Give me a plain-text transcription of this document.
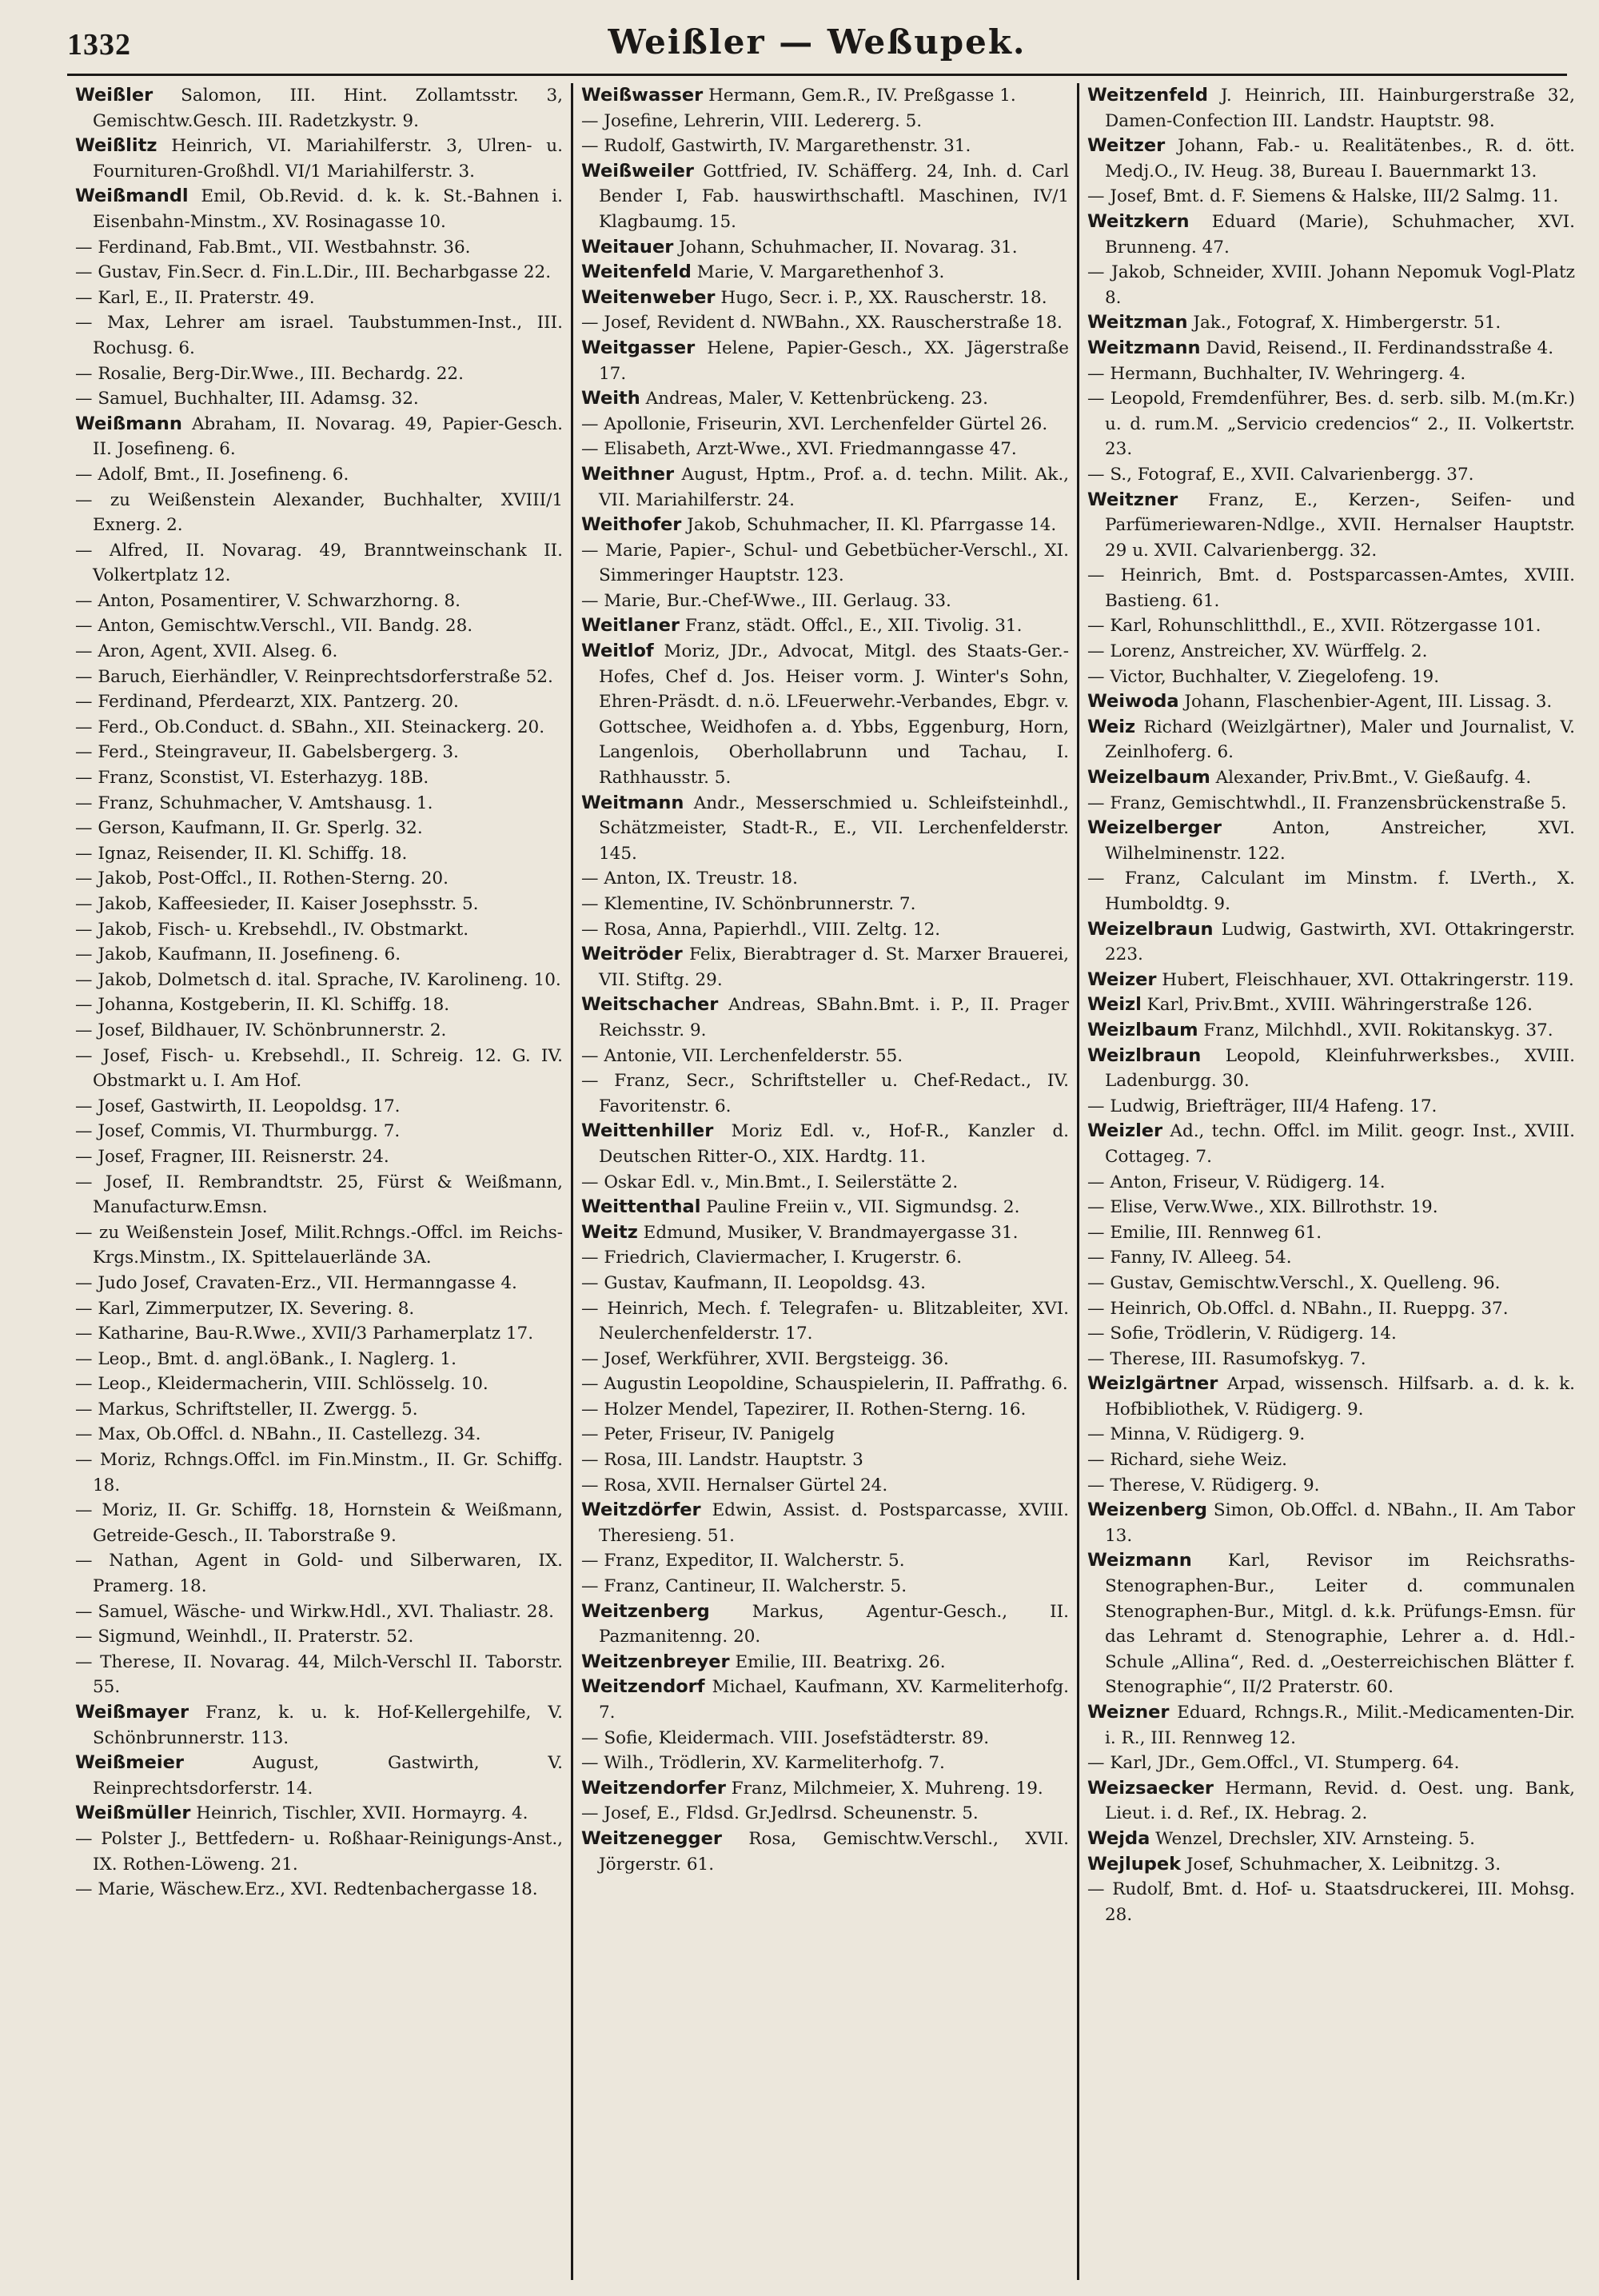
1332	Weißler — Weßupek.

Weißler Salomon, III. Hint. Zollamtsstr. 3, Gemischtw.Gesch. III. Radetzkystr. 9.

Weißlitz Heinrich, VI. Mariahilferstr. 3, Ulren- u. Fournituren-Großhdl. VI/1 Mariahilferstr. 3.

Weißmandl Emil, Ob.Revid. d. k. k. St.-Bahnen i. Eisenbahn-Minstm., XV. Rosinagasse 10.

— Ferdinand, Fab.Bmt., VII. Westbahnstr. 36.

— Gustav, Fin.Secr. d. Fin.L.Dir., III. Becharbgasse 22.

— Karl, E., II. Praterstr. 49.

— Max, Lehrer am israel. Taubstummen-Inst., III. Rochusg. 6.

— Rosalie, Berg-Dir.Wwe., III. Bechardg. 22.

— Samuel, Buchhalter, III. Adamsg. 32.

Weißmann Abraham, II. Novarag. 49, Papier-Gesch. II. Josefineng. 6.

— Adolf, Bmt., II. Josefineng. 6.

— zu Weißenstein Alexander, Buchhalter, XVIII/1 Exnerg. 2.

— Alfred, II. Novarag. 49, Branntweinschank II. Volkertplatz 12.

— Anton, Posamentirer, V. Schwarzhorng. 8.

— Anton, Gemischtw.Verschl., VII. Bandg. 28.

— Aron, Agent, XVII. Alseg. 6.

— Baruch, Eierhändler, V. Reinprechtsdorferstraße 52.

— Ferdinand, Pferdearzt, XIX. Pantzerg. 20.

— Ferd., Ob.Conduct. d. SBahn., XII. Steinackerg. 20.

— Ferd., Steingraveur, II. Gabelsbergerg. 3.

— Franz, Sconstist, VI. Esterhazyg. 18B.

— Franz, Schuhmacher, V. Amtshausg. 1.

— Gerson, Kaufmann, II. Gr. Sperlg. 32.

— Ignaz, Reisender, II. Kl. Schiffg. 18.

— Jakob, Post-Offcl., II. Rothen-Sterng. 20.

— Jakob, Kaffeesieder, II. Kaiser Josephsstr. 5.

— Jakob, Fisch- u. Krebsehdl., IV. Obstmarkt.

— Jakob, Kaufmann, II. Josefineng. 6.

— Jakob, Dolmetsch d. ital. Sprache, IV. Karolineng. 10.

— Johanna, Kostgeberin, II. Kl. Schiffg. 18.

— Josef, Bildhauer, IV. Schönbrunnerstr. 2.

— Josef, Fisch- u. Krebsehdl., II. Schreig. 12. G. IV. Obstmarkt u. I. Am Hof.

— Josef, Gastwirth, II. Leopoldsg. 17.

— Josef, Commis, VI. Thurmburgg. 7.

— Josef, Fragner, III. Reisnerstr. 24.

— Josef, II. Rembrandtstr. 25, Fürst & Weißmann, Manufacturw.Emsn.

— zu Weißenstein Josef, Milit.Rchngs.-Offcl. im Reichs-Krgs.Minstm., IX. Spittelauerlände 3A.

— Judo Josef, Cravaten-Erz., VII. Hermanngasse 4.

— Karl, Zimmerputzer, IX. Severing. 8.

— Katharine, Bau-R.Wwe., XVII/3 Parhamerplatz 17.

— Leop., Bmt. d. angl.öBank., I. Naglerg. 1.

— Leop., Kleidermacherin, VIII. Schlösselg. 10.

— Markus, Schriftsteller, II. Zwergg. 5.

— Max, Ob.Offcl. d. NBahn., II. Castellezg. 34.

— Moriz, Rchngs.Offcl. im Fin.Minstm., II. Gr. Schiffg. 18.

— Moriz, II. Gr. Schiffg. 18, Hornstein & Weißmann, Getreide-Gesch., II. Taborstraße 9.

— Nathan, Agent in Gold- und Silberwaren, IX. Pramerg. 18.

— Samuel, Wäsche- und Wirkw.Hdl., XVI. Thaliastr. 28.

— Sigmund, Weinhdl., II. Praterstr. 52.

— Therese, II. Novarag. 44, Milch-Verschl II. Taborstr. 55.

Weißmayer Franz, k. u. k. Hof-Kellergehilfe, V. Schönbrunnerstr. 113.

Weißmeier August, Gastwirth, V. Reinprechtsdorferstr. 14.

Weißmüller Heinrich, Tischler, XVII. Hormayrg. 4.

— Polster J., Bettfedern- u. Roßhaar-Reinigungs-Anst., IX. Rothen-Löweng. 21.

— Marie, Wäschew.Erz., XVI. Redtenbachergasse 18.

Weißwasser Hermann, Gem.R., IV. Preßgasse 1.

— Josefine, Lehrerin, VIII. Ledererg. 5.

— Rudolf, Gastwirth, IV. Margarethenstr. 31.

Weißweiler Gottfried, IV. Schäfferg. 24, Inh. d. Carl Bender I, Fab. hauswirthschaftl. Maschinen, IV/1 Klagbaumg. 15.

Weitauer Johann, Schuhmacher, II. Novarag. 31.

Weitenfeld Marie, V. Margarethenhof 3.

Weitenweber Hugo, Secr. i. P., XX. Rauscherstr. 18.

— Josef, Revident d. NWBahn., XX. Rauscherstraße 18.

Weitgasser Helene, Papier-Gesch., XX. Jägerstraße 17.

Weith Andreas, Maler, V. Kettenbrückeng. 23.

— Apollonie, Friseurin, XVI. Lerchenfelder Gürtel 26.

— Elisabeth, Arzt-Wwe., XVI. Friedmanngasse 47.

Weithner August, Hptm., Prof. a. d. techn. Milit. Ak., VII. Mariahilferstr. 24.

Weithofer Jakob, Schuhmacher, II. Kl. Pfarrgasse 14.

— Marie, Papier-, Schul- und Gebetbücher-Verschl., XI. Simmeringer Hauptstr. 123.

— Marie, Bur.-Chef-Wwe., III. Gerlaug. 33.

Weitlaner Franz, städt. Offcl., E., XII. Tivolig. 31.

Weitlof Moriz, JDr., Advocat, Mitgl. des Staats-Ger.-Hofes, Chef d. Jos. Heiser vorm. J. Winter's Sohn, Ehren-Präsdt. d. n.ö. LFeuerwehr.-Verbandes, Ebgr. v. Gottschee, Weidhofen a. d. Ybbs, Eggenburg, Horn, Langenlois, Oberhollabrunn und Tachau, I. Rathhausstr. 5.

Weitmann Andr., Messerschmied u. Schleifsteinhdl., Schätzmeister, Stadt-R., E., VII. Lerchenfelderstr. 145.

— Anton, IX. Treustr. 18.

— Klementine, IV. Schönbrunnerstr. 7.

— Rosa, Anna, Papierhdl., VIII. Zeltg. 12.

Weitröder Felix, Bierabtrager d. St. Marxer Brauerei, VII. Stiftg. 29.

Weitschacher Andreas, SBahn.Bmt. i. P., II. Prager Reichsstr. 9.

— Antonie, VII. Lerchenfelderstr. 55.

— Franz, Secr., Schriftsteller u. Chef-Redact., IV. Favoritenstr. 6.

Weittenhiller Moriz Edl. v., Hof-R., Kanzler d. Deutschen Ritter-O., XIX. Hardtg. 11.

— Oskar Edl. v., Min.Bmt., I. Seilerstätte 2.

Weittenthal Pauline Freiin v., VII. Sigmundsg. 2.

Weitz Edmund, Musiker, V. Brandmayergasse 31.

— Friedrich, Claviermacher, I. Krugerstr. 6.

— Gustav, Kaufmann, II. Leopoldsg. 43.

— Heinrich, Mech. f. Telegrafen- u. Blitzableiter, XVI. Neulerchenfelderstr. 17.

— Josef, Werkführer, XVII. Bergsteigg. 36.

— Augustin Leopoldine, Schauspielerin, II. Paffrathg. 6.

— Holzer Mendel, Tapezirer, II. Rothen-Sterng. 16.

— Peter, Friseur, IV. Panigelg

— Rosa, III. Landstr. Hauptstr. 3

— Rosa, XVII. Hernalser Gürtel 24.

Weitzdörfer Edwin, Assist. d. Postsparcasse, XVIII. Theresieng. 51.

— Franz, Expeditor, II. Walcherstr. 5.

— Franz, Cantineur, II. Walcherstr. 5.

Weitzenberg Markus, Agentur-Gesch., II. Pazmanitenng. 20.

Weitzenbreyer Emilie, III. Beatrixg. 26.

Weitzendorf Michael, Kaufmann, XV. Karmeliterhofg. 7.

— Sofie, Kleidermach. VIII. Josefstädterstr. 89.

— Wilh., Trödlerin, XV. Karmeliterhofg. 7.

Weitzendorfer Franz, Milchmeier, X. Muhreng. 19.

— Josef, E., Fldsd. Gr.Jedlrsd. Scheunenstr. 5.

Weitzenegger Rosa, Gemischtw.Verschl., XVII. Jörgerstr. 61.

Weitzenfeld J. Heinrich, III. Hainburgerstraße 32, Damen-Confection III. Landstr. Hauptstr. 98.

Weitzer Johann, Fab.- u. Realitätenbes., R. d. ött. Medj.O., IV. Heug. 38, Bureau I. Bauernmarkt 13.

— Josef, Bmt. d. F. Siemens & Halske, III/2 Salmg. 11.

Weitzkern Eduard (Marie), Schuhmacher, XVI. Brunneng. 47.

— Jakob, Schneider, XVIII. Johann Nepomuk Vogl-Platz 8.

Weitzman Jak., Fotograf, X. Himbergerstr. 51.

Weitzmann David, Reisend., II. Ferdinandsstraße 4.

— Hermann, Buchhalter, IV. Wehringerg. 4.

— Leopold, Fremdenführer, Bes. d. serb. silb. M.(m.Kr.) u. d. rum.M. „Servicio credencios“ 2., II. Volkertstr. 23.

— S., Fotograf, E., XVII. Calvarienbergg. 37.

Weitzner Franz, E., Kerzen-, Seifen- und Parfümeriewaren-Ndlge., XVII. Hernalser Hauptstr. 29 u. XVII. Calvarienbergg. 32.

— Heinrich, Bmt. d. Postsparcassen-Amtes, XVIII. Bastieng. 61.

— Karl, Rohunschlitthdl., E., XVII. Rötzergasse 101.

— Lorenz, Anstreicher, XV. Würffelg. 2.

— Victor, Buchhalter, V. Ziegelofeng. 19.

Weiwoda Johann, Flaschenbier-Agent, III. Lissag. 3.

Weiz Richard (Weizlgärtner), Maler und Journalist, V. Zeinlhoferg. 6.

Weizelbaum Alexander, Priv.Bmt., V. Gießaufg. 4.

— Franz, Gemischtwhdl., II. Franzensbrückenstraße 5.

Weizelberger Anton, Anstreicher, XVI. Wilhelminenstr. 122.

— Franz, Calculant im Minstm. f. LVerth., X. Humboldtg. 9.

Weizelbraun Ludwig, Gastwirth, XVI. Ottakringerstr. 223.

Weizer Hubert, Fleischhauer, XVI. Ottakringerstr. 119.

Weizl Karl, Priv.Bmt., XVIII. Währingerstraße 126.

Weizlbaum Franz, Milchhdl., XVII. Rokitanskyg. 37.

Weizlbraun Leopold, Kleinfuhrwerksbes., XVIII. Ladenburgg. 30.

— Ludwig, Briefträger, III/4 Hafeng. 17.

Weizler Ad., techn. Offcl. im Milit. geogr. Inst., XVIII. Cottageg. 7.

— Anton, Friseur, V. Rüdigerg. 14.

— Elise, Verw.Wwe., XIX. Billrothstr. 19.

— Emilie, III. Rennweg 61.

— Fanny, IV. Alleeg. 54.

— Gustav, Gemischtw.Verschl., X. Quelleng. 96.

— Heinrich, Ob.Offcl. d. NBahn., II. Rueppg. 37.

— Sofie, Trödlerin, V. Rüdigerg. 14.

— Therese, III. Rasumofskyg. 7.

Weizlgärtner Arpad, wissensch. Hilfsarb. a. d. k. k. Hofbibliothek, V. Rüdigerg. 9.

— Minna, V. Rüdigerg. 9.

— Richard, siehe Weiz.

— Therese, V. Rüdigerg. 9.

Weizenberg Simon, Ob.Offcl. d. NBahn., II. Am Tabor 13.

Weizmann Karl, Revisor im Reichsraths-Stenographen-Bur., Leiter d. communalen Stenographen-Bur., Mitgl. d. k.k. Prüfungs-Emsn. für das Lehramt d. Stenographie, Lehrer a. d. Hdl.-Schule „Allina“, Red. d. „Oesterreichischen Blätter f. Stenographie“, II/2 Praterstr. 60.

Weizner Eduard, Rchngs.R., Milit.-Medicamenten-Dir. i. R., III. Rennweg 12.

— Karl, JDr., Gem.Offcl., VI. Stumperg. 64.

Weizsaecker Hermann, Revid. d. Oest. ung. Bank, Lieut. i. d. Ref., IX. Hebrag. 2.

Wejda Wenzel, Drechsler, XIV. Arnsteing. 5.

Wejlupek Josef, Schuhmacher, X. Leibnitzg. 3.

— Rudolf, Bmt. d. Hof- u. Staatsdruckerei, III. Mohsg. 28.
